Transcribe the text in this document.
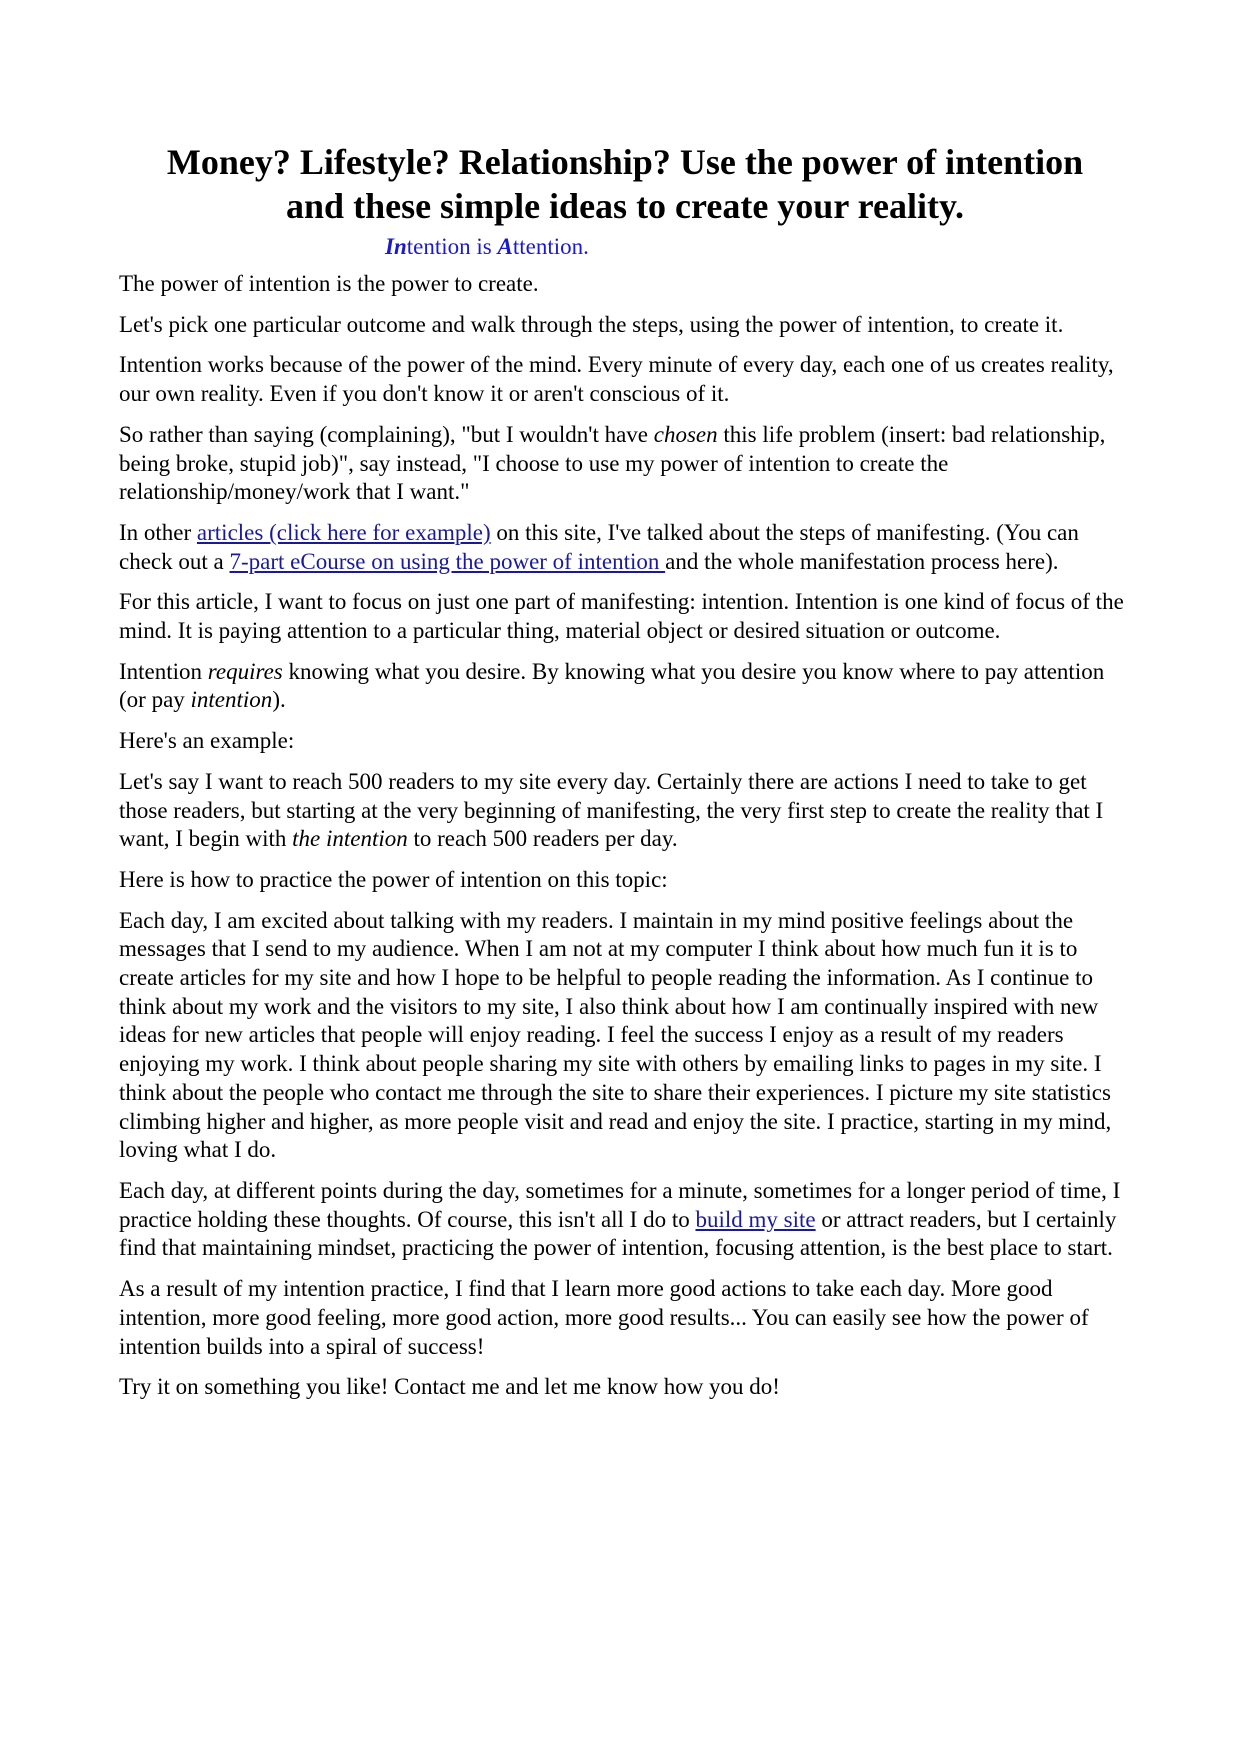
Money? Lifestyle? Relationship? Use the power of intention
and these simple ideas to create your reality.
Intention is Attention.

The power of intention is the power to create.

Let's pick one particular outcome and walk through the steps, using the power of intention, to create it.

Intention works because of the power of the mind. Every minute of every day, each one of us creates reality, our own reality. Even if you don't know it or aren't conscious of it.

So rather than saying (complaining), "but I wouldn't have chosen this life problem (insert: bad relationship, being broke, stupid job)", say instead, "I choose to use my power of intention to create the relationship/money/work that I want."

In other articles (click here for example) on this site, I've talked about the steps of manifesting. (You can check out a 7-part eCourse on using the power of intention and the whole manifestation process here).

For this article, I want to focus on just one part of manifesting: intention. Intention is one kind of focus of the mind. It is paying attention to a particular thing, material object or desired situation or outcome.

Intention requires knowing what you desire. By knowing what you desire you know where to pay attention (or pay intention).

Here's an example:

Let's say I want to reach 500 readers to my site every day. Certainly there are actions I need to take to get those readers, but starting at the very beginning of manifesting, the very first step to create the reality that I want, I begin with the intention to reach 500 readers per day.

Here is how to practice the power of intention on this topic:

Each day, I am excited about talking with my readers. I maintain in my mind positive feelings about the messages that I send to my audience. When I am not at my computer I think about how much fun it is to create articles for my site and how I hope to be helpful to people reading the information. As I continue to think about my work and the visitors to my site, I also think about how I am continually inspired with new ideas for new articles that people will enjoy reading. I feel the success I enjoy as a result of my readers enjoying my work. I think about people sharing my site with others by emailing links to pages in my site. I think about the people who contact me through the site to share their experiences. I picture my site statistics climbing higher and higher, as more people visit and read and enjoy the site. I practice, starting in my mind, loving what I do.

Each day, at different points during the day, sometimes for a minute, sometimes for a longer period of time, I practice holding these thoughts. Of course, this isn't all I do to build my site or attract readers, but I certainly find that maintaining mindset, practicing the power of intention, focusing attention, is the best place to start.

As a result of my intention practice, I find that I learn more good actions to take each day. More good intention, more good feeling, more good action, more good results... You can easily see how the power of intention builds into a spiral of success!

Try it on something you like! Contact me and let me know how you do!
